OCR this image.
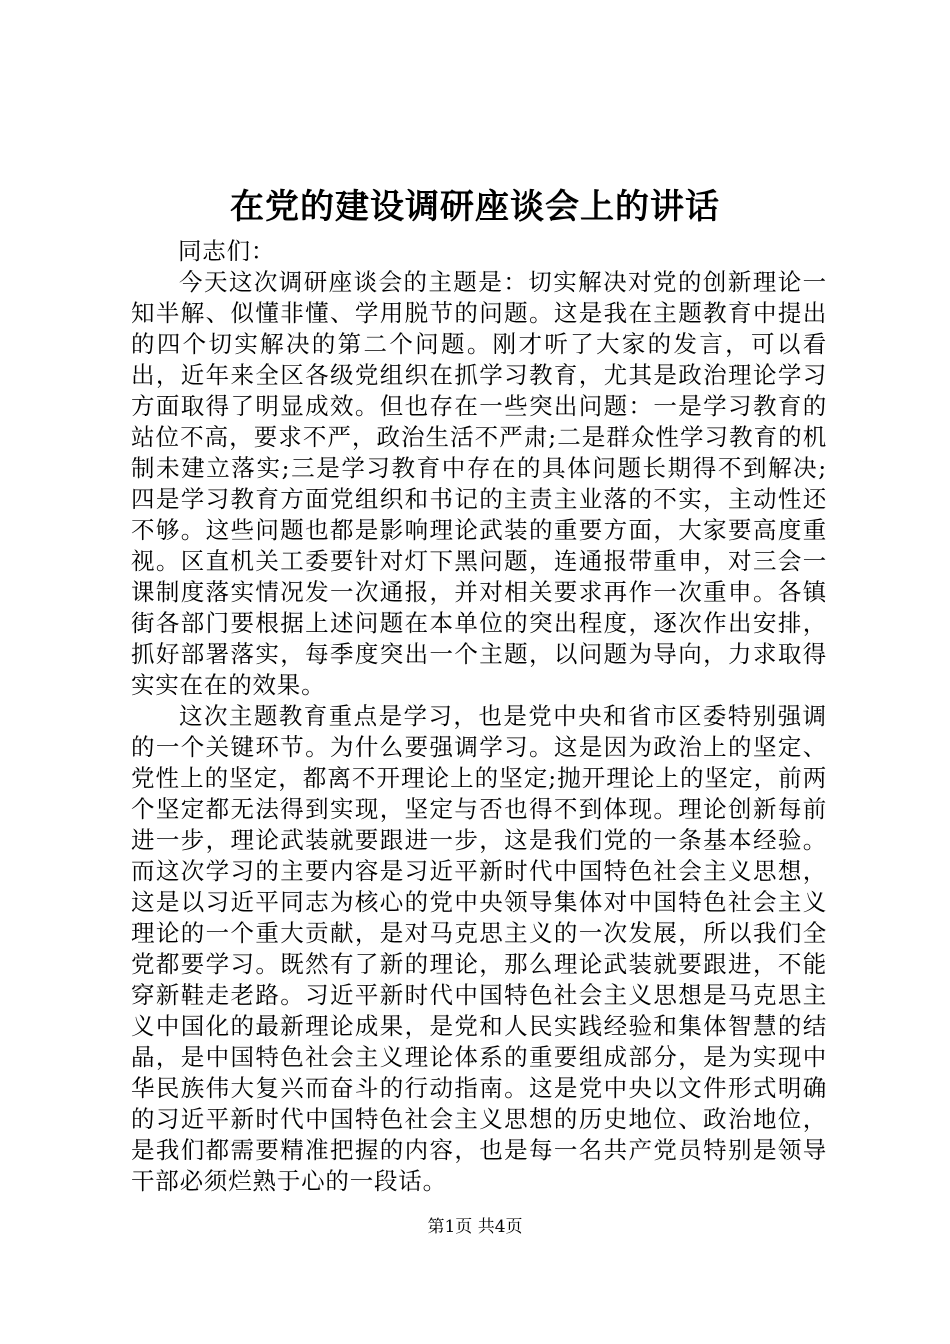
在党的建设调研座谈会上的讲话

同志们：

今天这次调研座谈会的主题是：切实解决对党的创新理论一知半解、似懂非懂、学用脱节的问题。这是我在主题教育中提出的四个切实解决的第二个问题。刚才听了大家的发言，可以看出，近年来全区各级党组织在抓学习教育，尤其是政治理论学习方面取得了明显成效。但也存在一些突出问题：一是学习教育的站位不高，要求不严，政治生活不严肃;二是群众性学习教育的机制未建立落实;三是学习教育中存在的具体问题长期得不到解决;四是学习教育方面党组织和书记的主责主业落的不实，主动性还不够。这些问题也都是影响理论武装的重要方面，大家要高度重视。区直机关工委要针对灯下黑问题，连通报带重申，对三会一课制度落实情况发一次通报，并对相关要求再作一次重申。各镇街各部门要根据上述问题在本单位的突出程度，逐次作出安排，抓好部署落实，每季度突出一个主题，以问题为导向，力求取得实实在在的效果。

这次主题教育重点是学习，也是党中央和省市区委特别强调的一个关键环节。为什么要强调学习。这是因为政治上的坚定、党性上的坚定，都离不开理论上的坚定;抛开理论上的坚定，前两个坚定都无法得到实现，坚定与否也得不到体现。理论创新每前进一步，理论武装就要跟进一步，这是我们党的一条基本经验。而这次学习的主要内容是习近平新时代中国特色社会主义思想，这是以习近平同志为核心的党中央领导集体对中国特色社会主义理论的一个重大贡献，是对马克思主义的一次发展，所以我们全党都要学习。既然有了新的理论，那么理论武装就要跟进，不能穿新鞋走老路。习近平新时代中国特色社会主义思想是马克思主义中国化的最新理论成果，是党和人民实践经验和集体智慧的结晶，是中国特色社会主义理论体系的重要组成部分，是为实现中华民族伟大复兴而奋斗的行动指南。这是党中央以文件形式明确的习近平新时代中国特色社会主义思想的历史地位、政治地位，是我们都需要精准把握的内容，也是每一名共产党员特别是领导干部必须烂熟于心的一段话。

第1页 共4页
